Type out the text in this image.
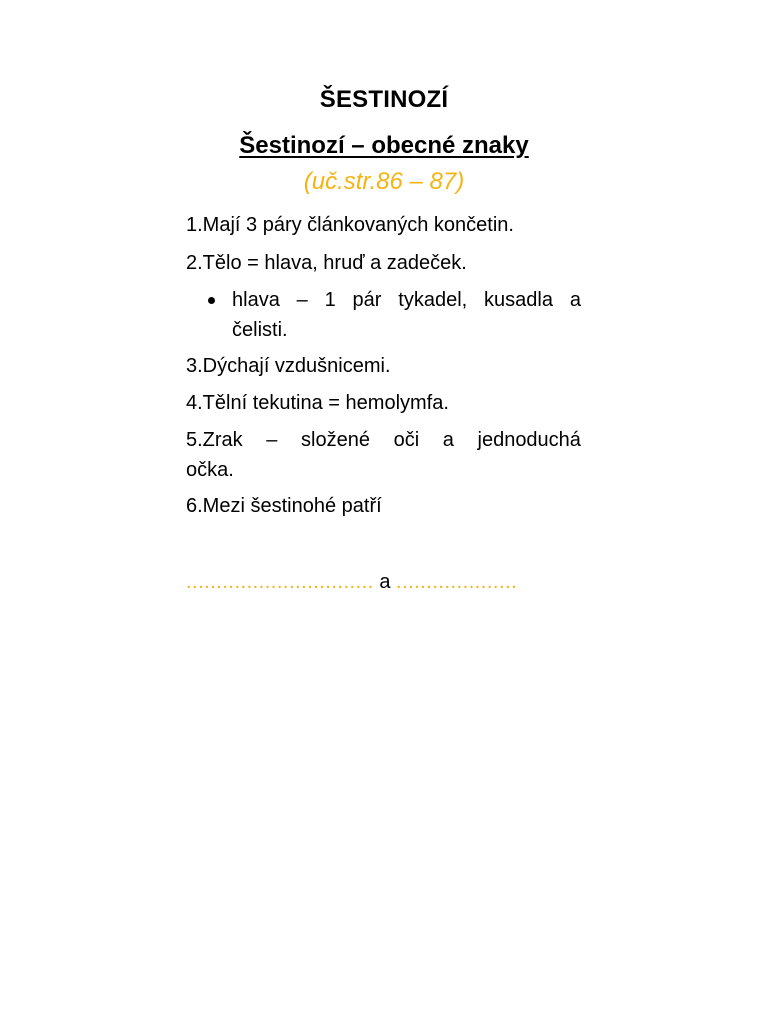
ŠESTINOZÍ
Šestinozí – obecné znaky
(uč.str.86 – 87)
1.Mají 3 páry článkovaných končetin.
2.Tělo = hlava, hruď a zadeček.
hlava – 1 pár tykadel, kusadla a
čelisti.
3.Dýchají vzdušnicemi.
4.Tělní tekutina = hemolymfa.
5.Zrak – složené oči a jednoduchá
očka.
6.Mezi šestinohé patří
............................... a ....................
